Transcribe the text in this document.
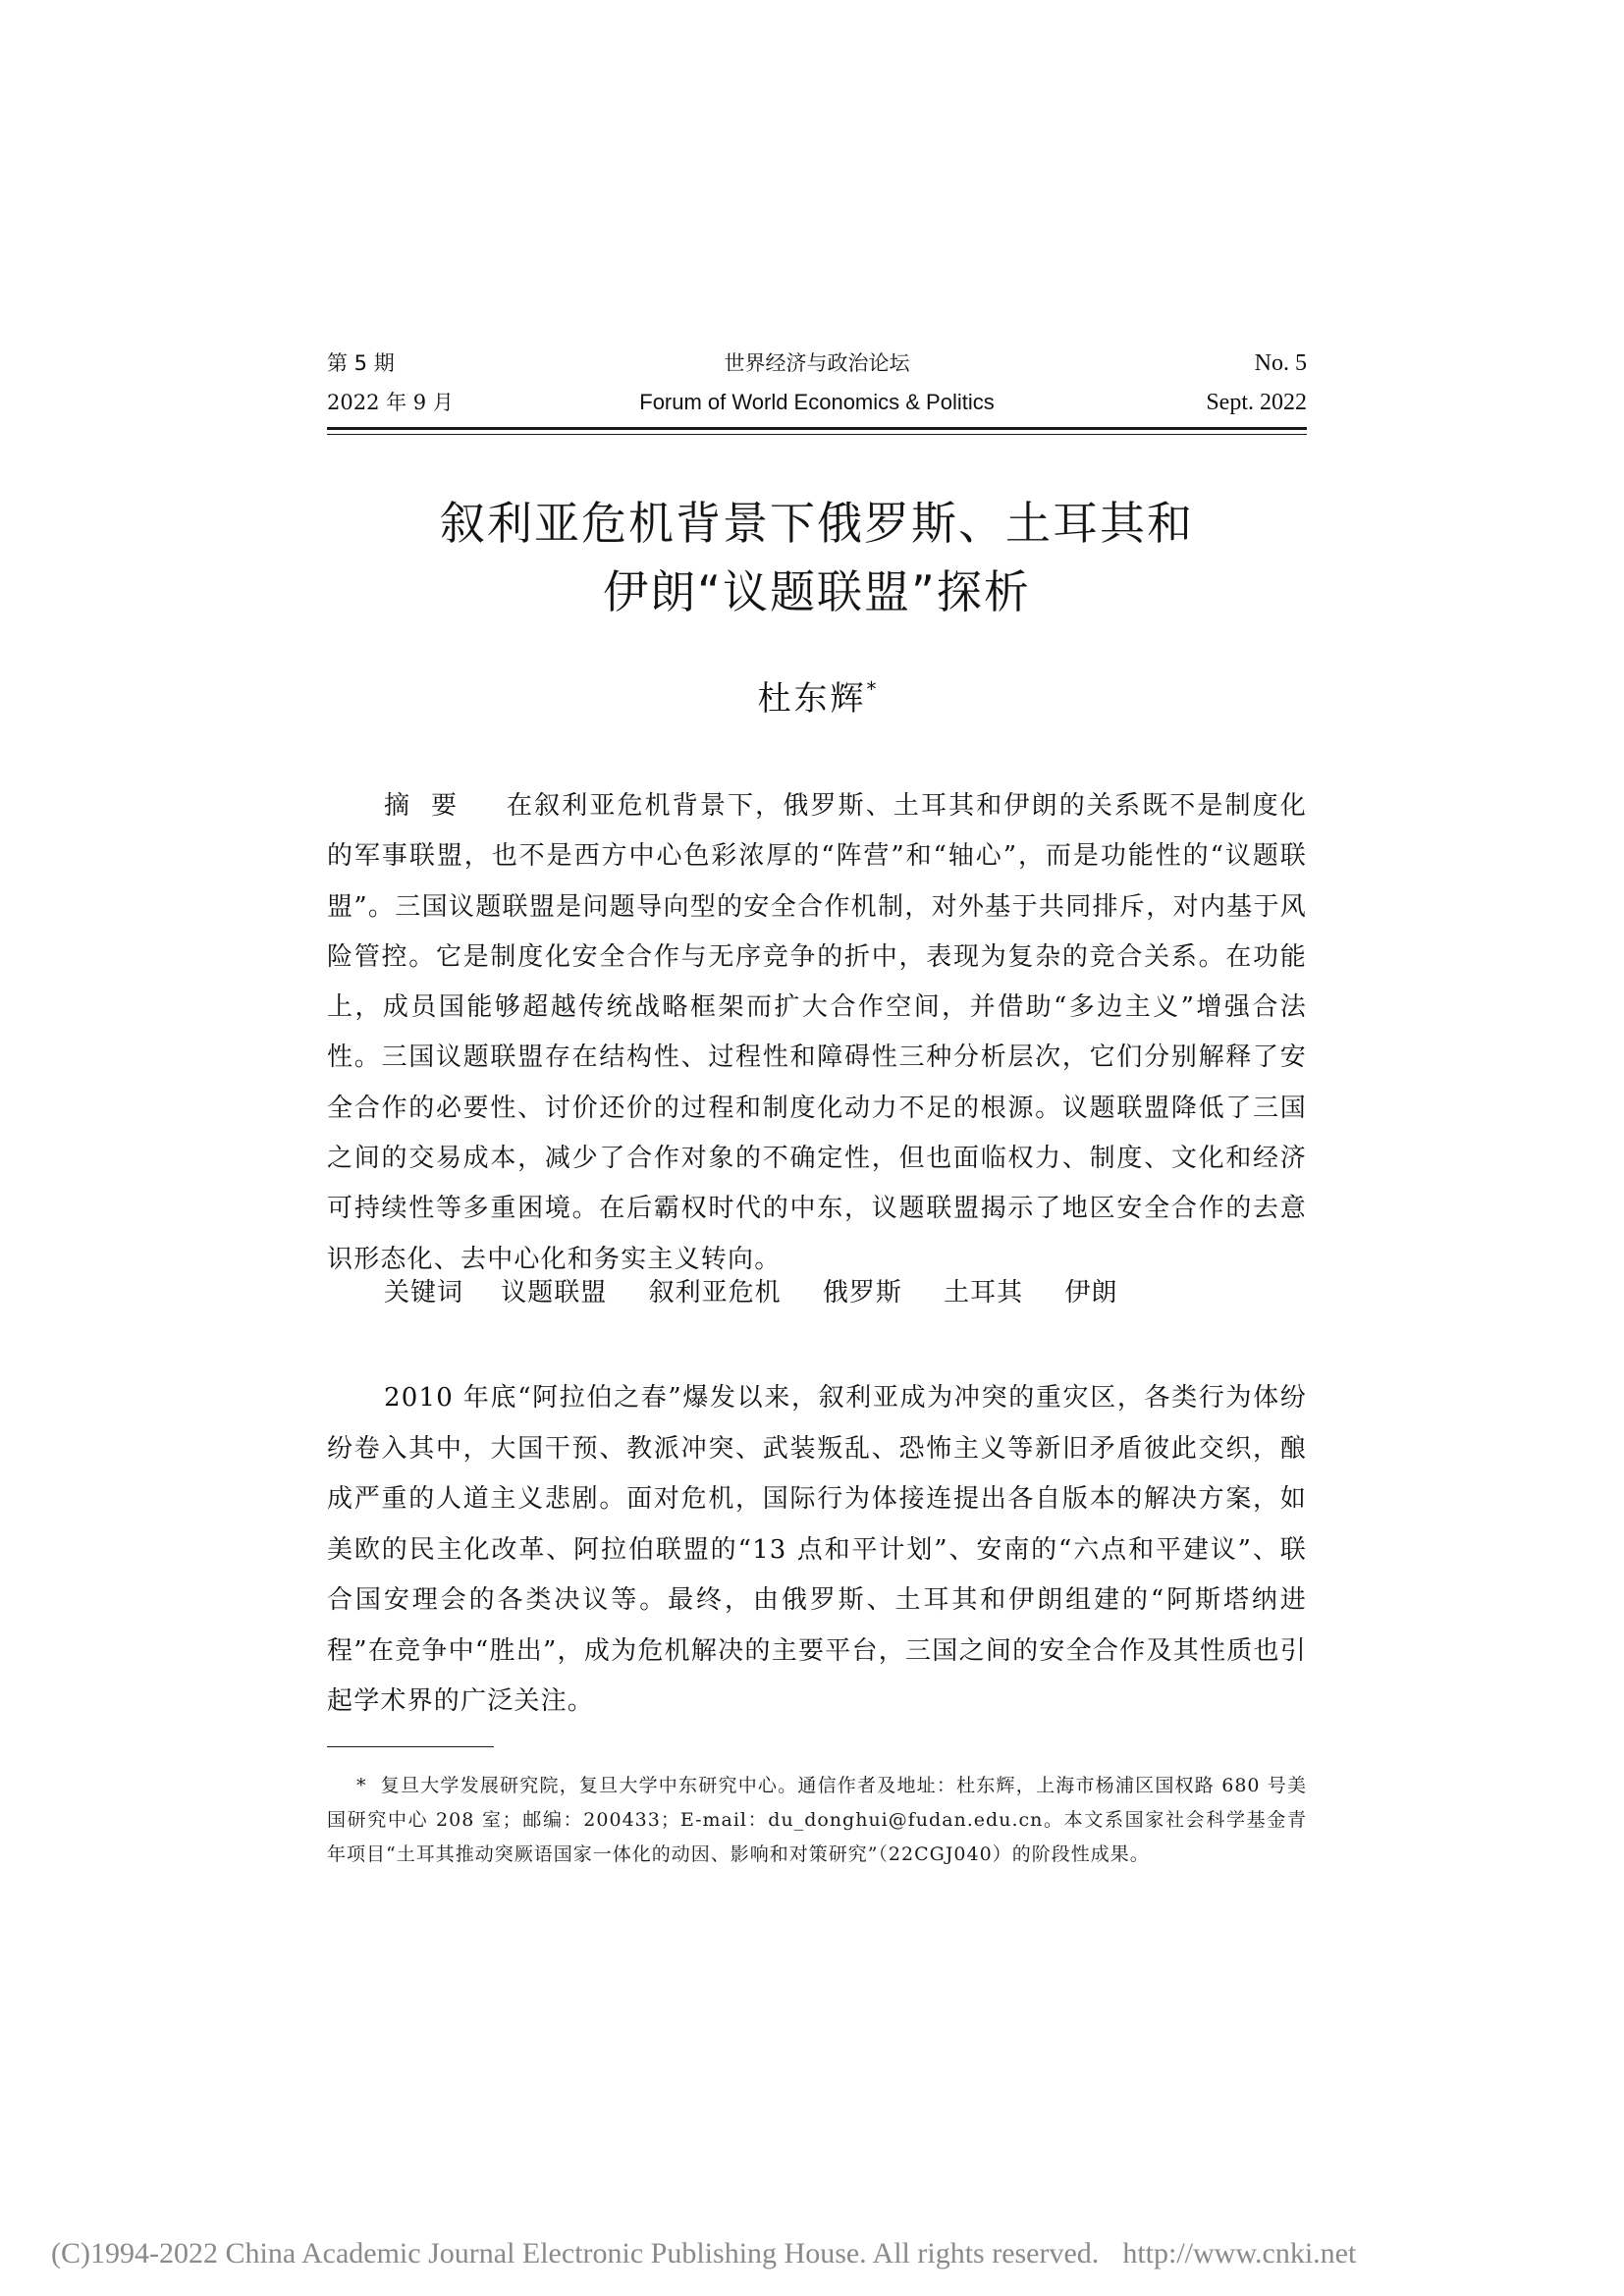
第 5 期
2022 年 9 月
世界经济与政治论坛
Forum of World Economics & Politics
No. 5
Sept. 2022
叙利亚危机背景下俄罗斯、土耳其和
伊朗“议题联盟”探析
杜东辉*
摘要 在叙利亚危机背景下，俄罗斯、土耳其和伊朗的关系既不是制度化的军事联盟，也不是西方中心色彩浓厚的“阵营”和“轴心”，而是功能性的“议题联盟”。三国议题联盟是问题导向型的安全合作机制，对外基于共同排斥，对内基于风险管控。它是制度化安全合作与无序竞争的折中，表现为复杂的竞合关系。在功能上，成员国能够超越传统战略框架而扩大合作空间，并借助“多边主义”增强合法性。三国议题联盟存在结构性、过程性和障碍性三种分析层次，它们分别解释了安全合作的必要性、讨价还价的过程和制度化动力不足的根源。议题联盟降低了三国之间的交易成本，减少了合作对象的不确定性，但也面临权力、制度、文化和经济可持续性等多重困境。在后霸权时代的中东，议题联盟揭示了地区安全合作的去意识形态化、去中心化和务实主义转向。
关键词 议题联盟 叙利亚危机 俄罗斯 土耳其 伊朗
2010 年底“阿拉伯之春”爆发以来，叙利亚成为冲突的重灾区，各类行为体纷纷卷入其中，大国干预、教派冲突、武装叛乱、恐怖主义等新旧矛盾彼此交织，酿成严重的人道主义悲剧。面对危机，国际行为体接连提出各自版本的解决方案，如美欧的民主化改革、阿拉伯联盟的“13 点和平计划”、安南的“六点和平建议”、联合国安理会的各类决议等。最终，由俄罗斯、土耳其和伊朗组建的“阿斯塔纳进程”在竞争中“胜出”，成为危机解决的主要平台，三国之间的安全合作及其性质也引起学术界的广泛关注。
* 复旦大学发展研究院，复旦大学中东研究中心。通信作者及地址：杜东辉，上海市杨浦区国权路 680 号美国研究中心 208 室；邮编：200433；E-mail：du_donghui@fudan.edu.cn。本文系国家社会科学基金青年项目“土耳其推动突厥语国家一体化的动因、影响和对策研究”（22CGJ040）的阶段性成果。
(C)1994-2022 China Academic Journal Electronic Publishing House. All rights reserved. http://www.cnki.net
